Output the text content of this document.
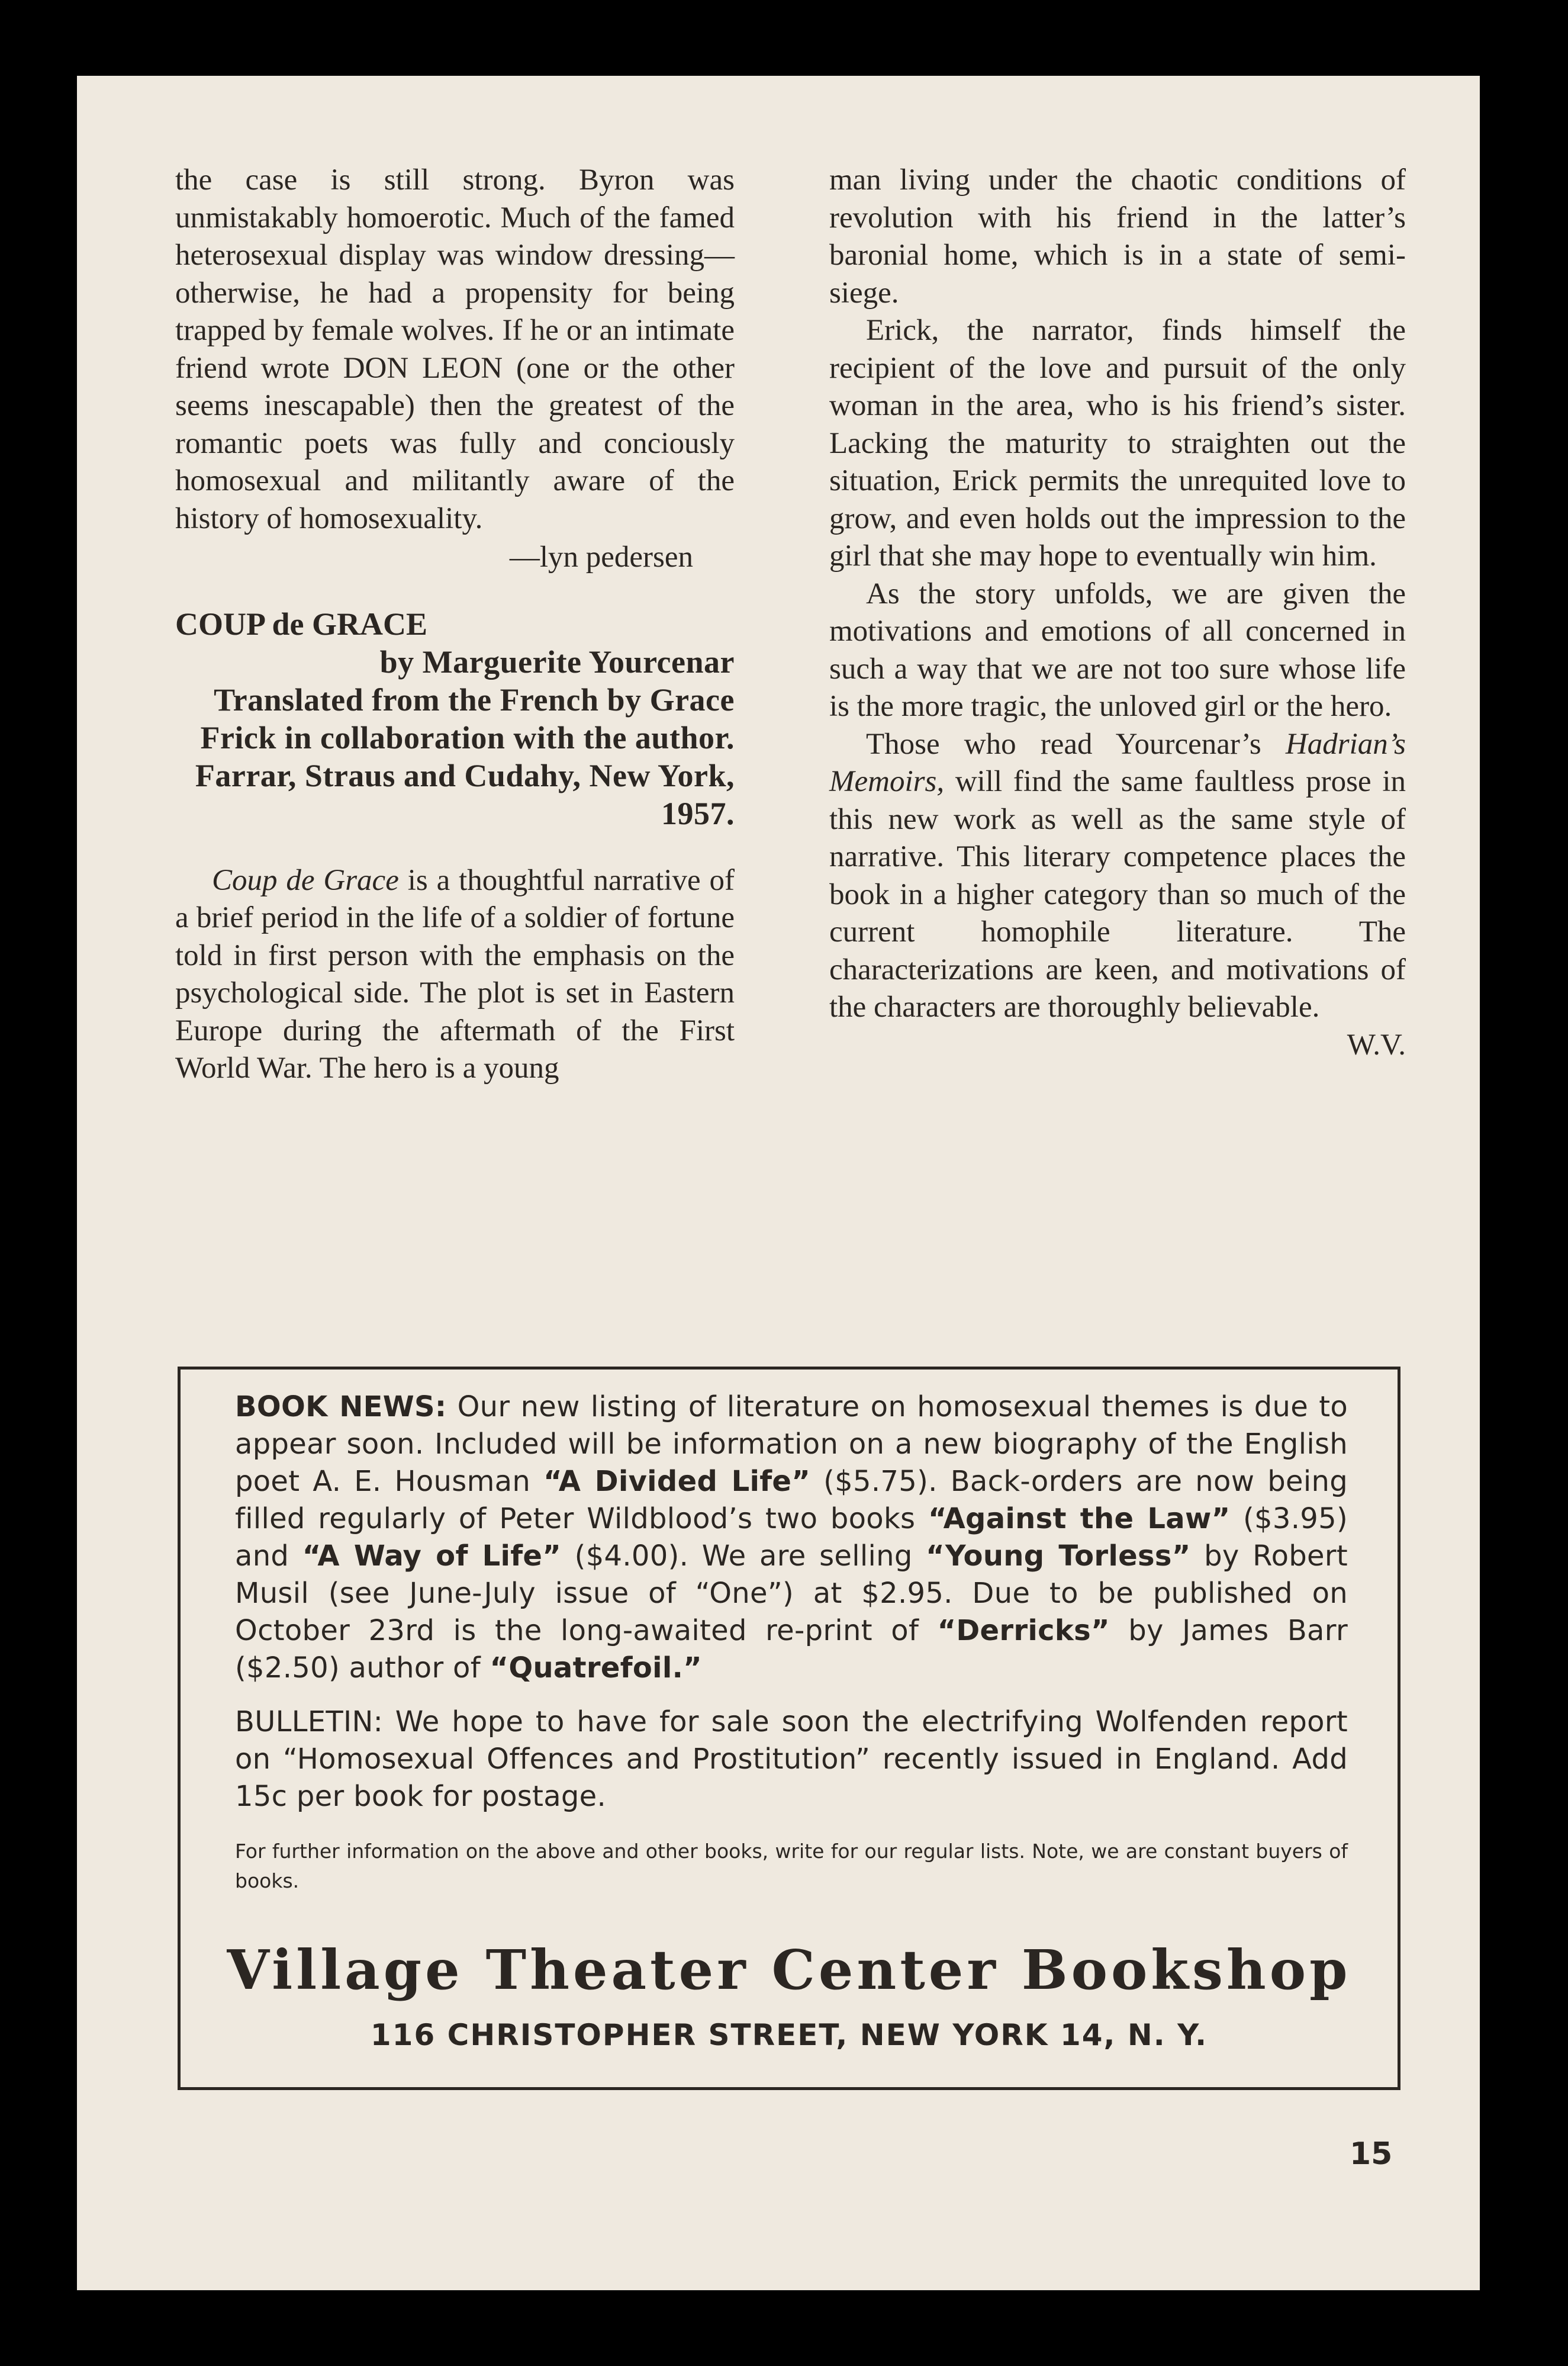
the case is still strong. Byron was unmistakably homoerotic. Much of the famed heterosexual display was window dressing—otherwise, he had a propensity for being trapped by female wolves. If he or an intimate friend wrote DON LEON (one or the other seems inescapable) then the greatest of the romantic poets was fully and conciously homosexual and militantly aware of the history of homosexuality.

—lyn pedersen

COUP de GRACE

by Marguerite Yourcenar
Translated from the French by Grace Frick in collaboration with the author. Farrar, Straus and Cudahy, New York, 1957.

Coup de Grace is a thoughtful narrative of a brief period in the life of a soldier of fortune told in first person with the emphasis on the psychological side. The plot is set in Eastern Europe during the aftermath of the First World War. The hero is a young

man living under the chaotic conditions of revolution with his friend in the latter’s baronial home, which is in a state of semi-siege.

Erick, the narrator, finds himself the recipient of the love and pursuit of the only woman in the area, who is his friend’s sister. Lacking the maturity to straighten out the situation, Erick permits the unrequited love to grow, and even holds out the impression to the girl that she may hope to eventually win him.

As the story unfolds, we are given the motivations and emotions of all concerned in such a way that we are not too sure whose life is the more tragic, the unloved girl or the hero.

Those who read Yourcenar’s Hadrian’s Memoirs, will find the same faultless prose in this new work as well as the same style of narrative. This literary competence places the book in a higher category than so much of the current homophile literature. The characterizations are keen, and motivations of the characters are thoroughly believable.
W.V.

BOOK NEWS: Our new listing of literature on homosexual themes is due to appear soon. Included will be information on a new biography of the English poet A. E. Housman “A Divided Life” ($5.75). Back-orders are now being filled regularly of Peter Wildblood’s two books “Against the Law” ($3.95) and “A Way of Life” ($4.00). We are selling “Young Torless” by Robert Musil (see June-July issue of “One”) at $2.95. Due to be published on October 23rd is the long-awaited re-print of “Derricks” by James Barr ($2.50) author of “Quatrefoil.”

BULLETIN: We hope to have for sale soon the electrifying Wolfenden report on “Homosexual Offences and Prostitution” recently issued in England. Add 15c per book for postage.

For further information on the above and other books, write for our regular lists. Note, we are constant buyers of books.

Village Theater Center Bookshop
116 CHRISTOPHER STREET, NEW YORK 14, N. Y.
15
